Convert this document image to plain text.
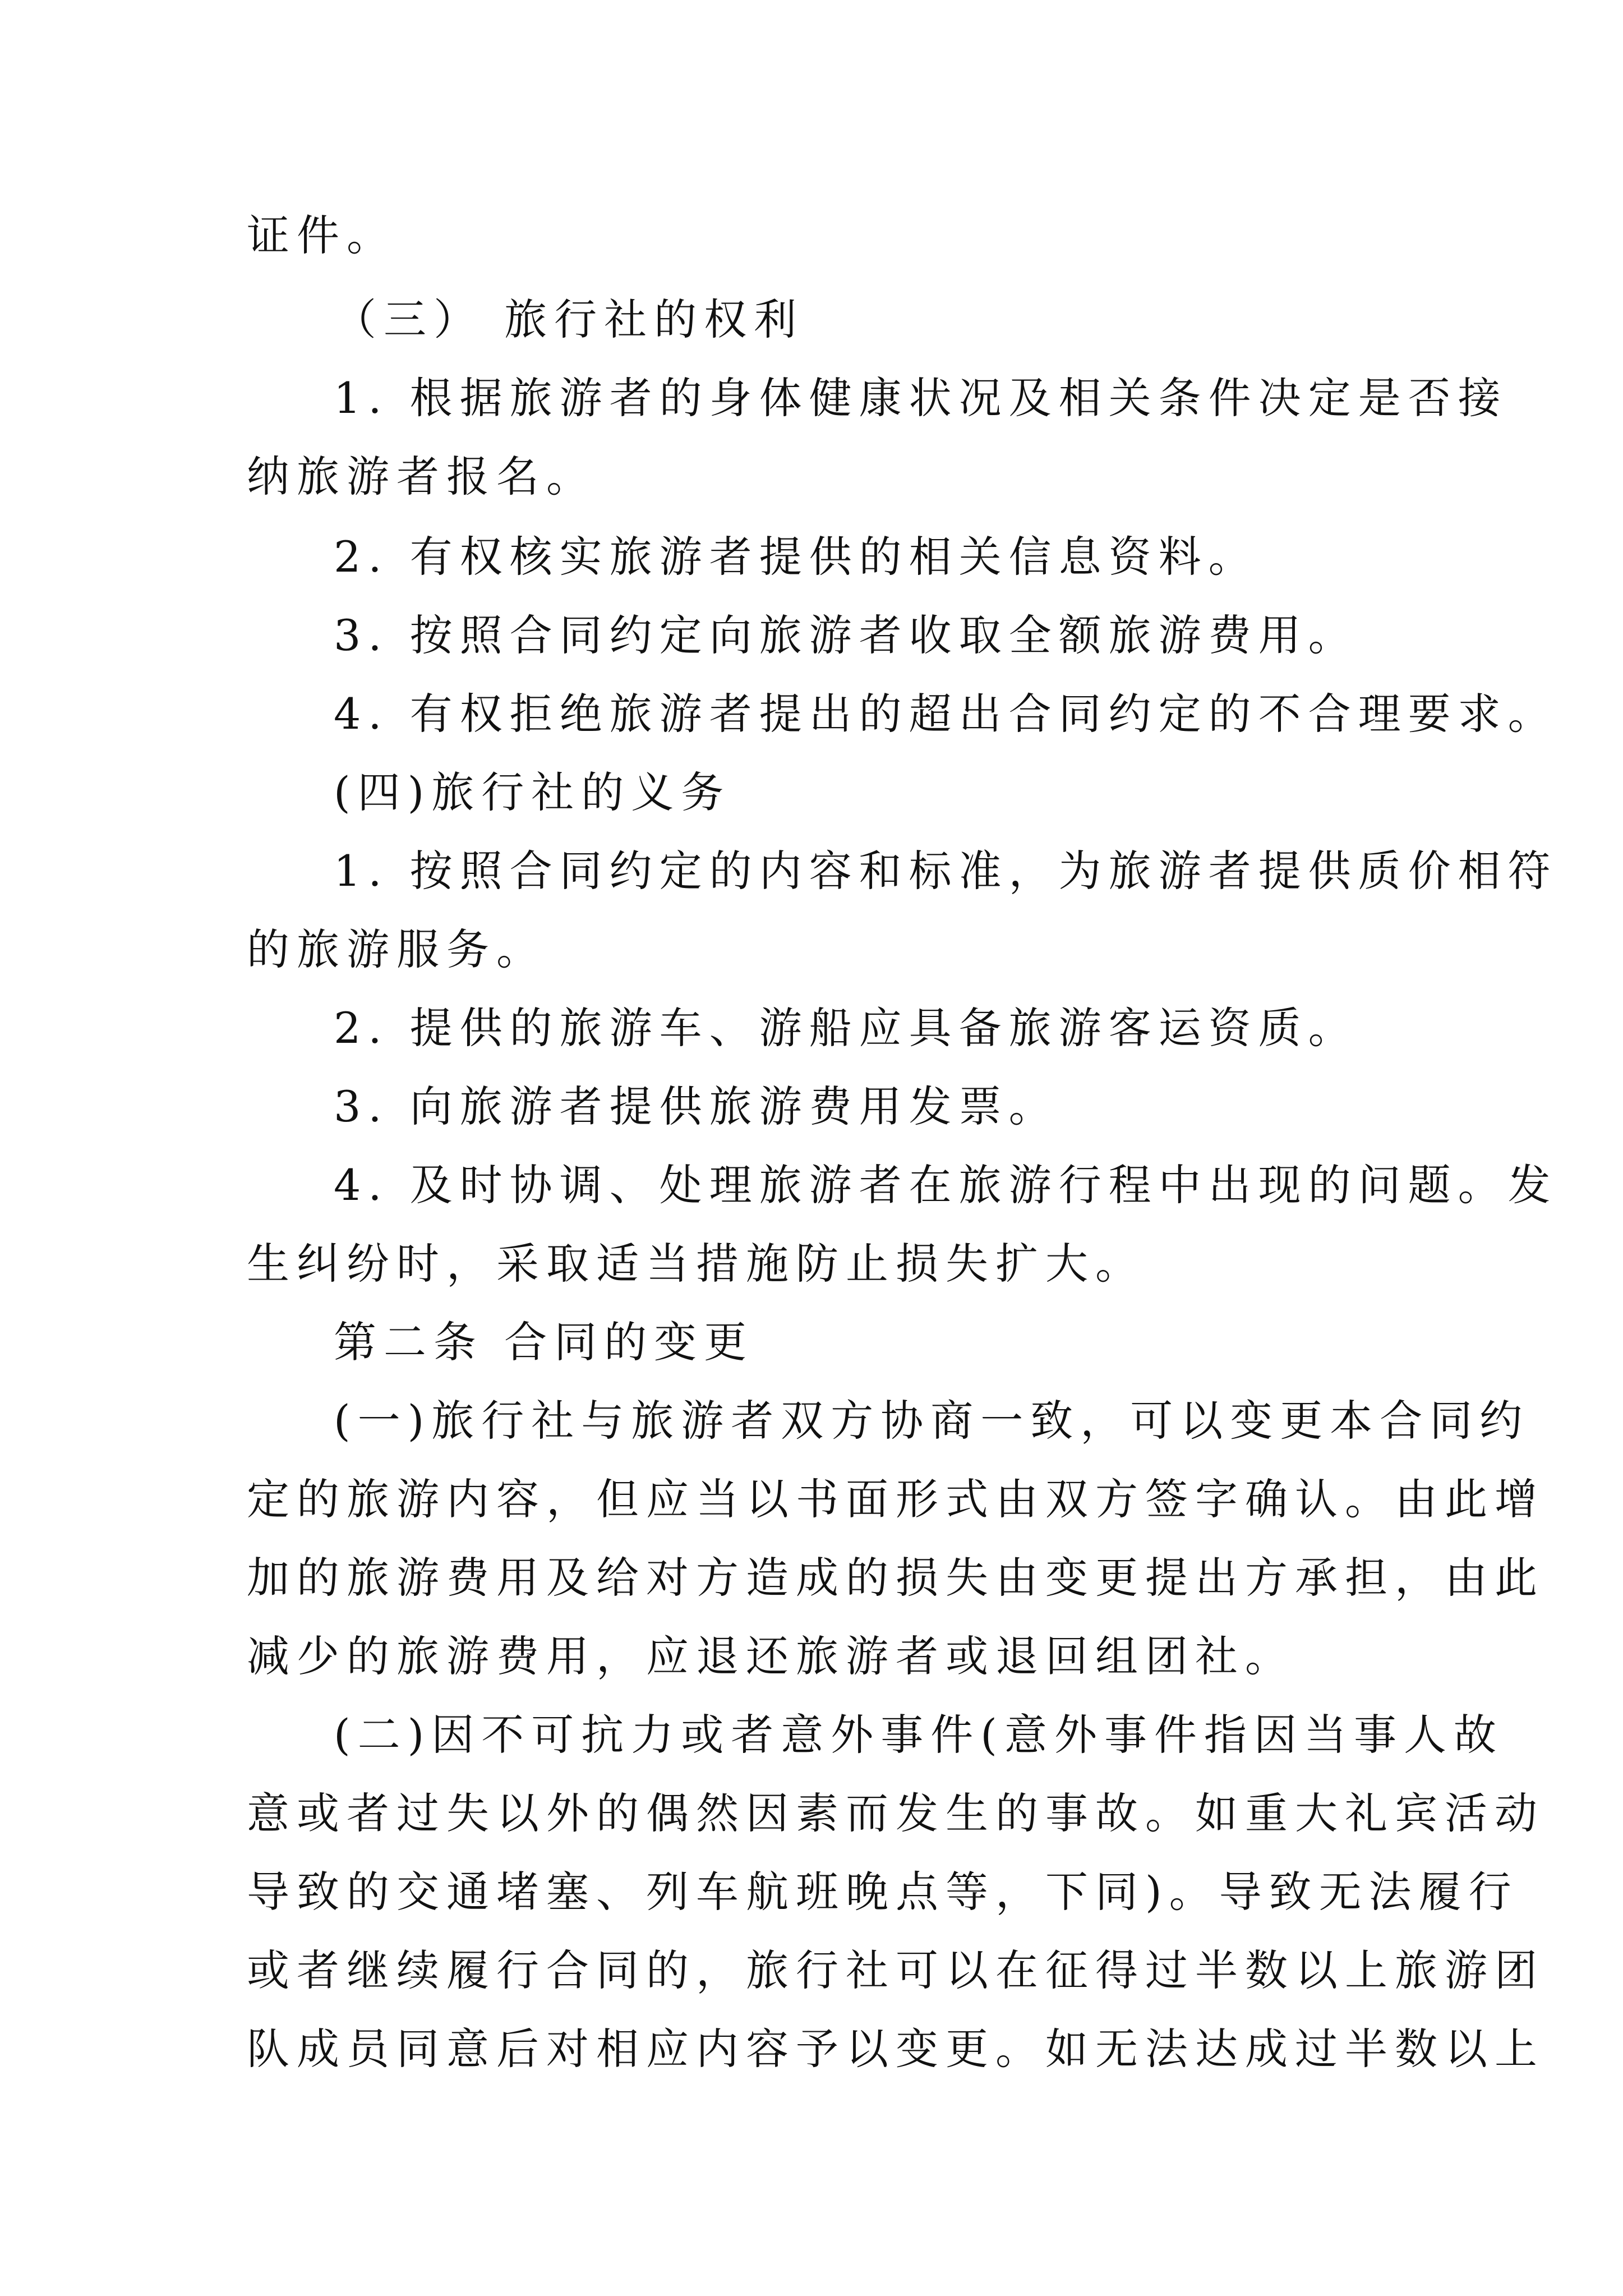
证件。
（三） 旅行社的权利
1. 根据旅游者的身体健康状况及相关条件决定是否接
纳旅游者报名。
2. 有权核实旅游者提供的相关信息资料。
3. 按照合同约定向旅游者收取全额旅游费用。
4. 有权拒绝旅游者提出的超出合同约定的不合理要求。
(四)旅行社的义务
1. 按照合同约定的内容和标准，为旅游者提供质价相符
的旅游服务。
2. 提供的旅游车、游船应具备旅游客运资质。
3. 向旅游者提供旅游费用发票。
4. 及时协调、处理旅游者在旅游行程中出现的问题。发
生纠纷时，采取适当措施防止损失扩大。
第二条 合同的变更
(一)旅行社与旅游者双方协商一致，可以变更本合同约
定的旅游内容，但应当以书面形式由双方签字确认。由此增
加的旅游费用及给对方造成的损失由变更提出方承担，由此
减少的旅游费用，应退还旅游者或退回组团社。
(二)因不可抗力或者意外事件(意外事件指因当事人故
意或者过失以外的偶然因素而发生的事故。如重大礼宾活动
导致的交通堵塞、列车航班晚点等，下同)。导致无法履行
或者继续履行合同的，旅行社可以在征得过半数以上旅游团
队成员同意后对相应内容予以变更。如无法达成过半数以上
